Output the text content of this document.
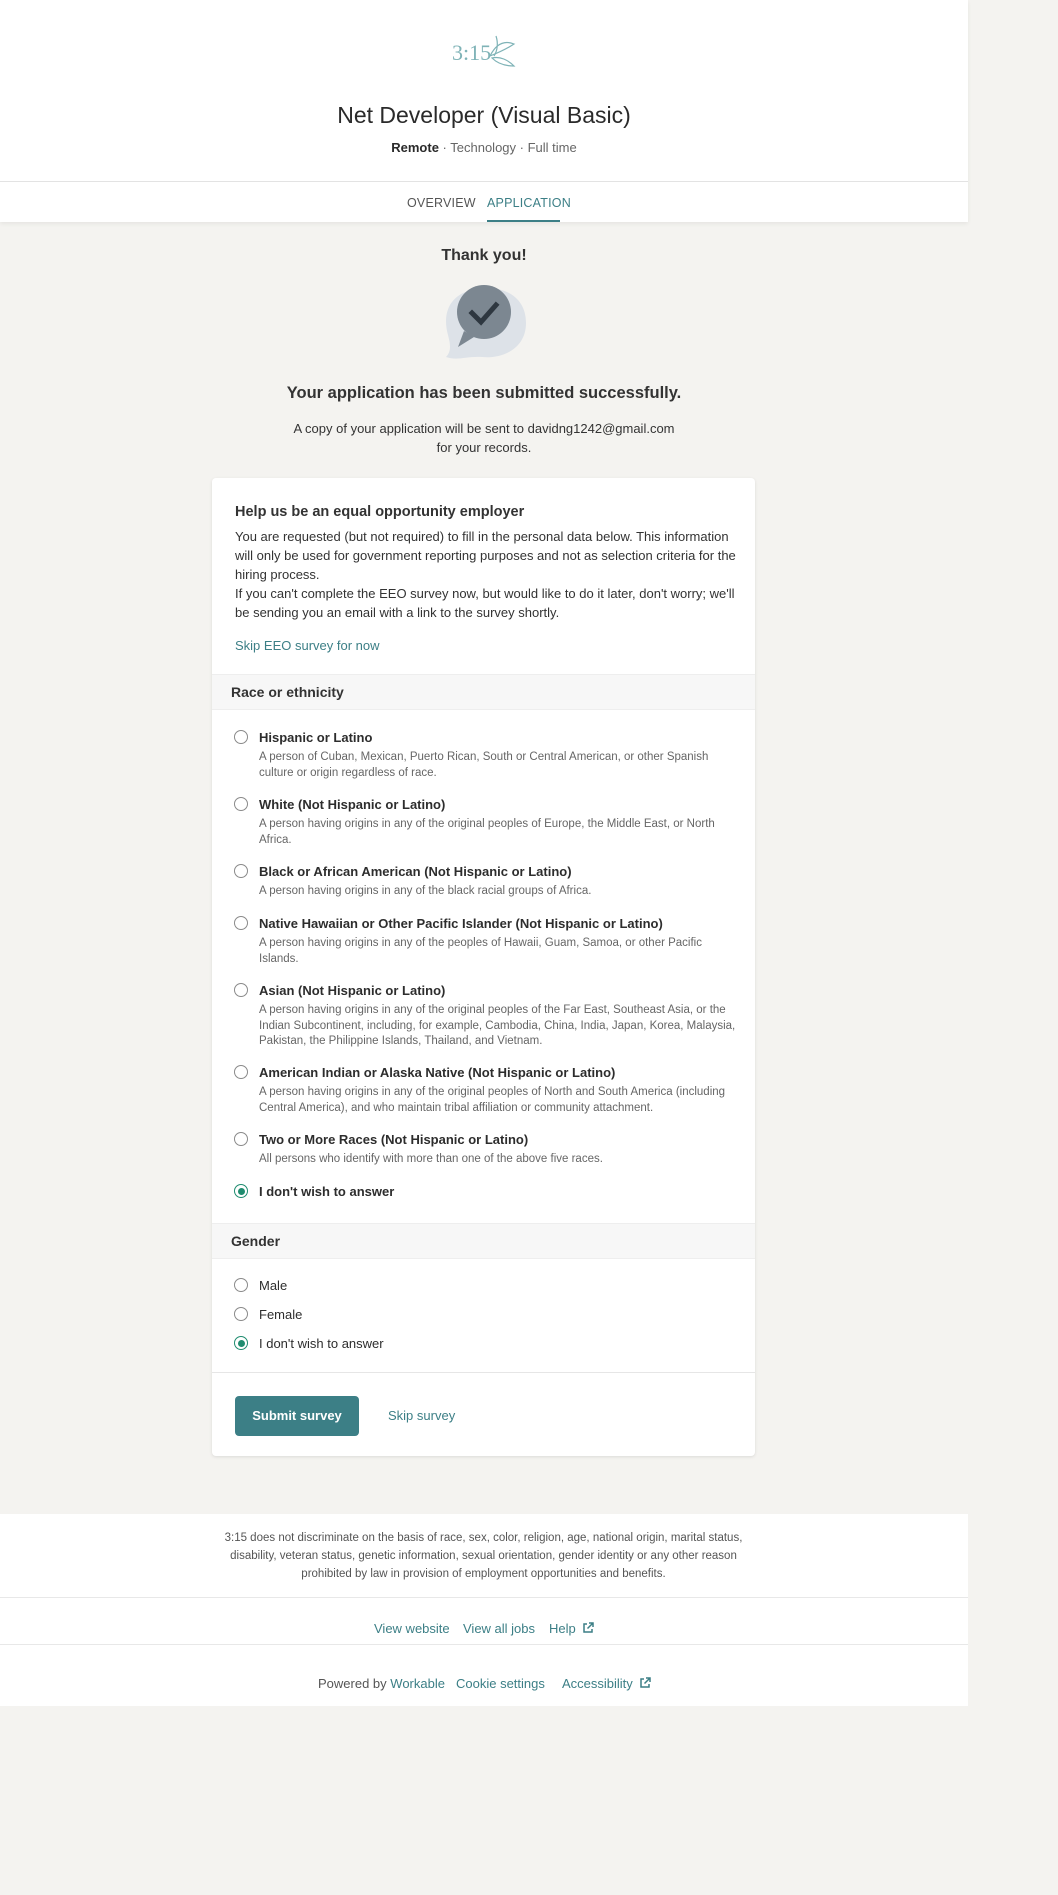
3:15
Net Developer (Visual Basic)
Remote · Technology · Full time
OVERVIEW APPLICATION
Thank you!
Your application has been submitted successfully.
A copy of your application will be sent to davidng1242@gmail.com
for your records.
Help us be an equal opportunity employer
You are requested (but not required) to fill in the personal data below. This information will only be used for government reporting purposes and not as selection criteria for the hiring process.
If you can't complete the EEO survey now, but would like to do it later, don't worry; we'll be sending you an email with a link to the survey shortly.
Skip EEO survey for now
Race or ethnicity
Hispanic or Latino
A person of Cuban, Mexican, Puerto Rican, South or Central American, or other Spanish culture or origin regardless of race.
White (Not Hispanic or Latino)
A person having origins in any of the original peoples of Europe, the Middle East, or North Africa.
Black or African American (Not Hispanic or Latino)
A person having origins in any of the black racial groups of Africa.
Native Hawaiian or Other Pacific Islander (Not Hispanic or Latino)
A person having origins in any of the peoples of Hawaii, Guam, Samoa, or other Pacific Islands.
Asian (Not Hispanic or Latino)
A person having origins in any of the original peoples of the Far East, Southeast Asia, or the Indian Subcontinent, including, for example, Cambodia, China, India, Japan, Korea, Malaysia, Pakistan, the Philippine Islands, Thailand, and Vietnam.
American Indian or Alaska Native (Not Hispanic or Latino)
A person having origins in any of the original peoples of North and South America (including Central America), and who maintain tribal affiliation or community attachment.
Two or More Races (Not Hispanic or Latino)
All persons who identify with more than one of the above five races.
I don't wish to answer
Gender
Male
Female
I don't wish to answer
Submit survey	Skip survey
3:15 does not discriminate on the basis of race, sex, color, religion, age, national origin, marital status, disability, veteran status, genetic information, sexual orientation, gender identity or any other reason prohibited by law in provision of employment opportunities and benefits.
View website View all jobs Help
Powered by Workable Cookie settings Accessibility
